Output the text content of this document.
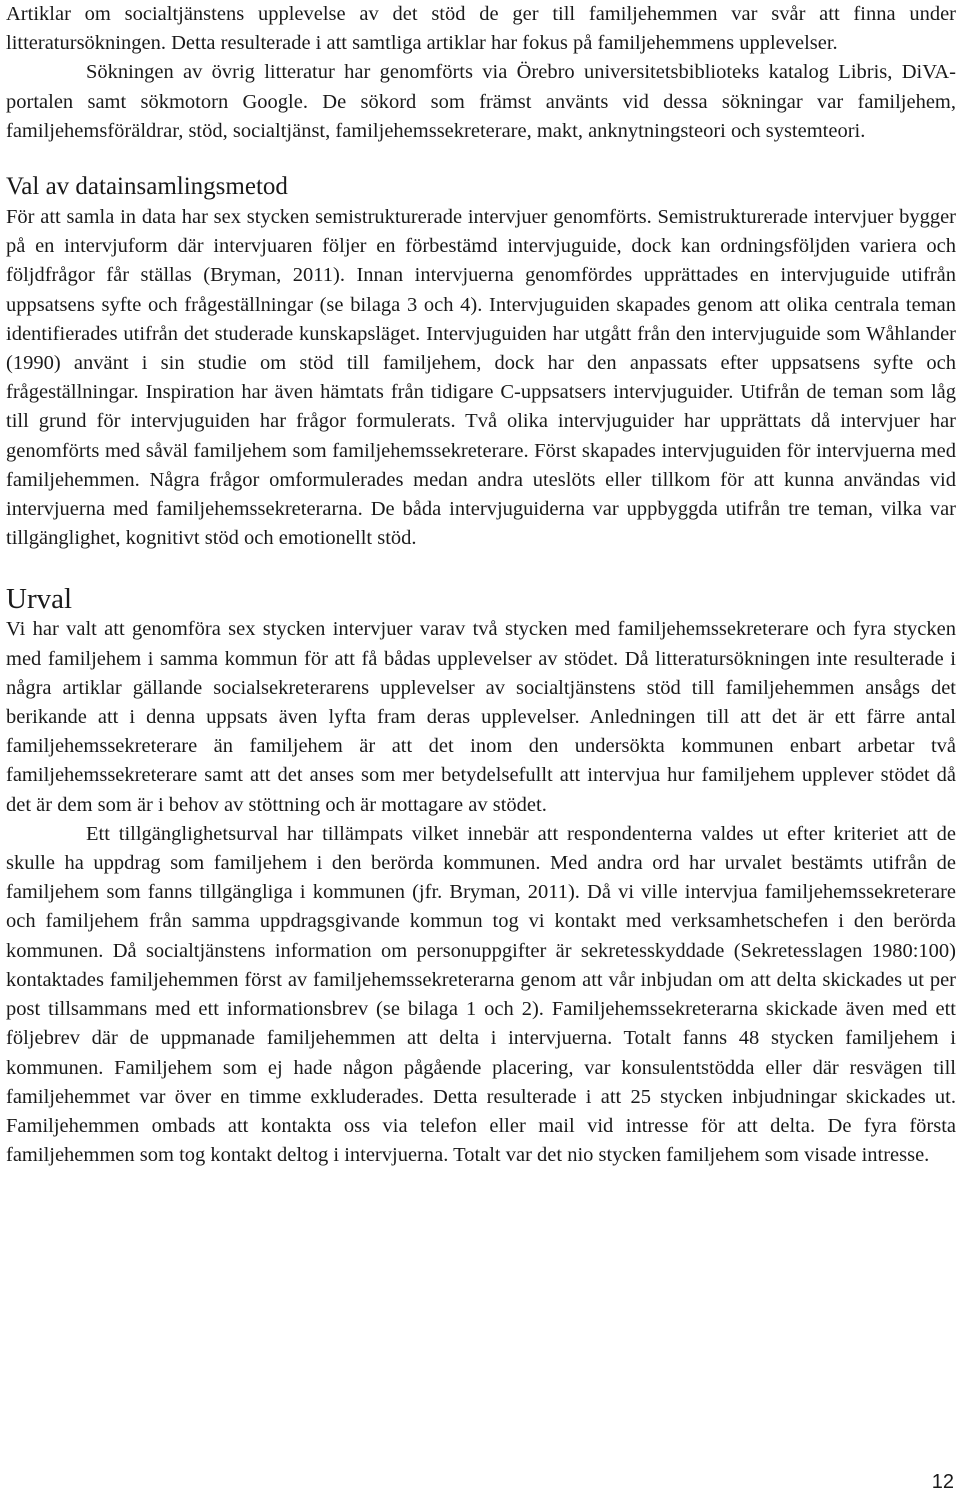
Artiklar om socialtjänstens upplevelse av det stöd de ger till familjehemmen var svår att finna under litteratursökningen. Detta resulterade i att samtliga artiklar har fokus på familjehemmens upplevelser.

Sökningen av övrig litteratur har genomförts via Örebro universitetsbiblioteks katalog Libris, DiVA-portalen samt sökmotorn Google. De sökord som främst använts vid dessa sökningar var familjehem, familjehemsföräldrar, stöd, socialtjänst, familjehemssekreterare, makt, anknytningsteori och systemteori.

Val av datainsamlingsmetod

För att samla in data har sex stycken semistrukturerade intervjuer genomförts. Semistrukturerade intervjuer bygger på en intervjuform där intervjuaren följer en förbestämd intervjuguide, dock kan ordningsföljden variera och följdfrågor får ställas (Bryman, 2011). Innan intervjuerna genomfördes upprättades en intervjuguide utifrån uppsatsens syfte och frågeställningar (se bilaga 3 och 4). Intervjuguiden skapades genom att olika centrala teman identifierades utifrån det studerade kunskapsläget. Intervjuguiden har utgått från den intervjuguide som Wåhlander (1990) använt i sin studie om stöd till familjehem, dock har den anpassats efter uppsatsens syfte och frågeställningar. Inspiration har även hämtats från tidigare C-uppsatsers intervjuguider. Utifrån de teman som låg till grund för intervjuguiden har frågor formulerats. Två olika intervjuguider har upprättats då intervjuer har genomförts med såväl familjehem som familjehemssekreterare. Först skapades intervjuguiden för intervjuerna med familjehemmen. Några frågor omformulerades medan andra uteslöts eller tillkom för att kunna användas vid intervjuerna med familjehemssekreterarna. De båda intervjuguiderna var uppbyggda utifrån tre teman, vilka var tillgänglighet, kognitivt stöd och emotionellt stöd.

Urval

Vi har valt att genomföra sex stycken intervjuer varav två stycken med familjehemssekreterare och fyra stycken med familjehem i samma kommun för att få bådas upplevelser av stödet. Då litteratursökningen inte resulterade i några artiklar gällande socialsekreterarens upplevelser av socialtjänstens stöd till familjehemmen ansågs det berikande att i denna uppsats även lyfta fram deras upplevelser. Anledningen till att det är ett färre antal familjehemssekreterare än familjehem är att det inom den undersökta kommunen enbart arbetar två familjehemssekreterare samt att det anses som mer betydelsefullt att intervjua hur familjehem upplever stödet då det är dem som är i behov av stöttning och är mottagare av stödet.

Ett tillgänglighetsurval har tillämpats vilket innebär att respondenterna valdes ut efter kriteriet att de skulle ha uppdrag som familjehem i den berörda kommunen. Med andra ord har urvalet bestämts utifrån de familjehem som fanns tillgängliga i kommunen (jfr. Bryman, 2011). Då vi ville intervjua familjehemssekreterare och familjehem från samma uppdragsgivande kommun tog vi kontakt med verksamhetschefen i den berörda kommunen. Då socialtjänstens information om personuppgifter är sekretesskyddade (Sekretesslagen 1980:100) kontaktades familjehemmen först av familjehemssekreterarna genom att vår inbjudan om att delta skickades ut per post tillsammans med ett informationsbrev (se bilaga 1 och 2). Familjehemssekreterarna skickade även med ett följebrev där de uppmanade familjehemmen att delta i intervjuerna. Totalt fanns 48 stycken familjehem i kommunen. Familjehem som ej hade någon pågående placering, var konsulentstödda eller där resvägen till familjehemmet var över en timme exkluderades. Detta resulterade i att 25 stycken inbjudningar skickades ut. Familjehemmen ombads att kontakta oss via telefon eller mail vid intresse för att delta. De fyra första familjehemmen som tog kontakt deltog i intervjuerna. Totalt var det nio stycken familjehem som visade intresse.

12
